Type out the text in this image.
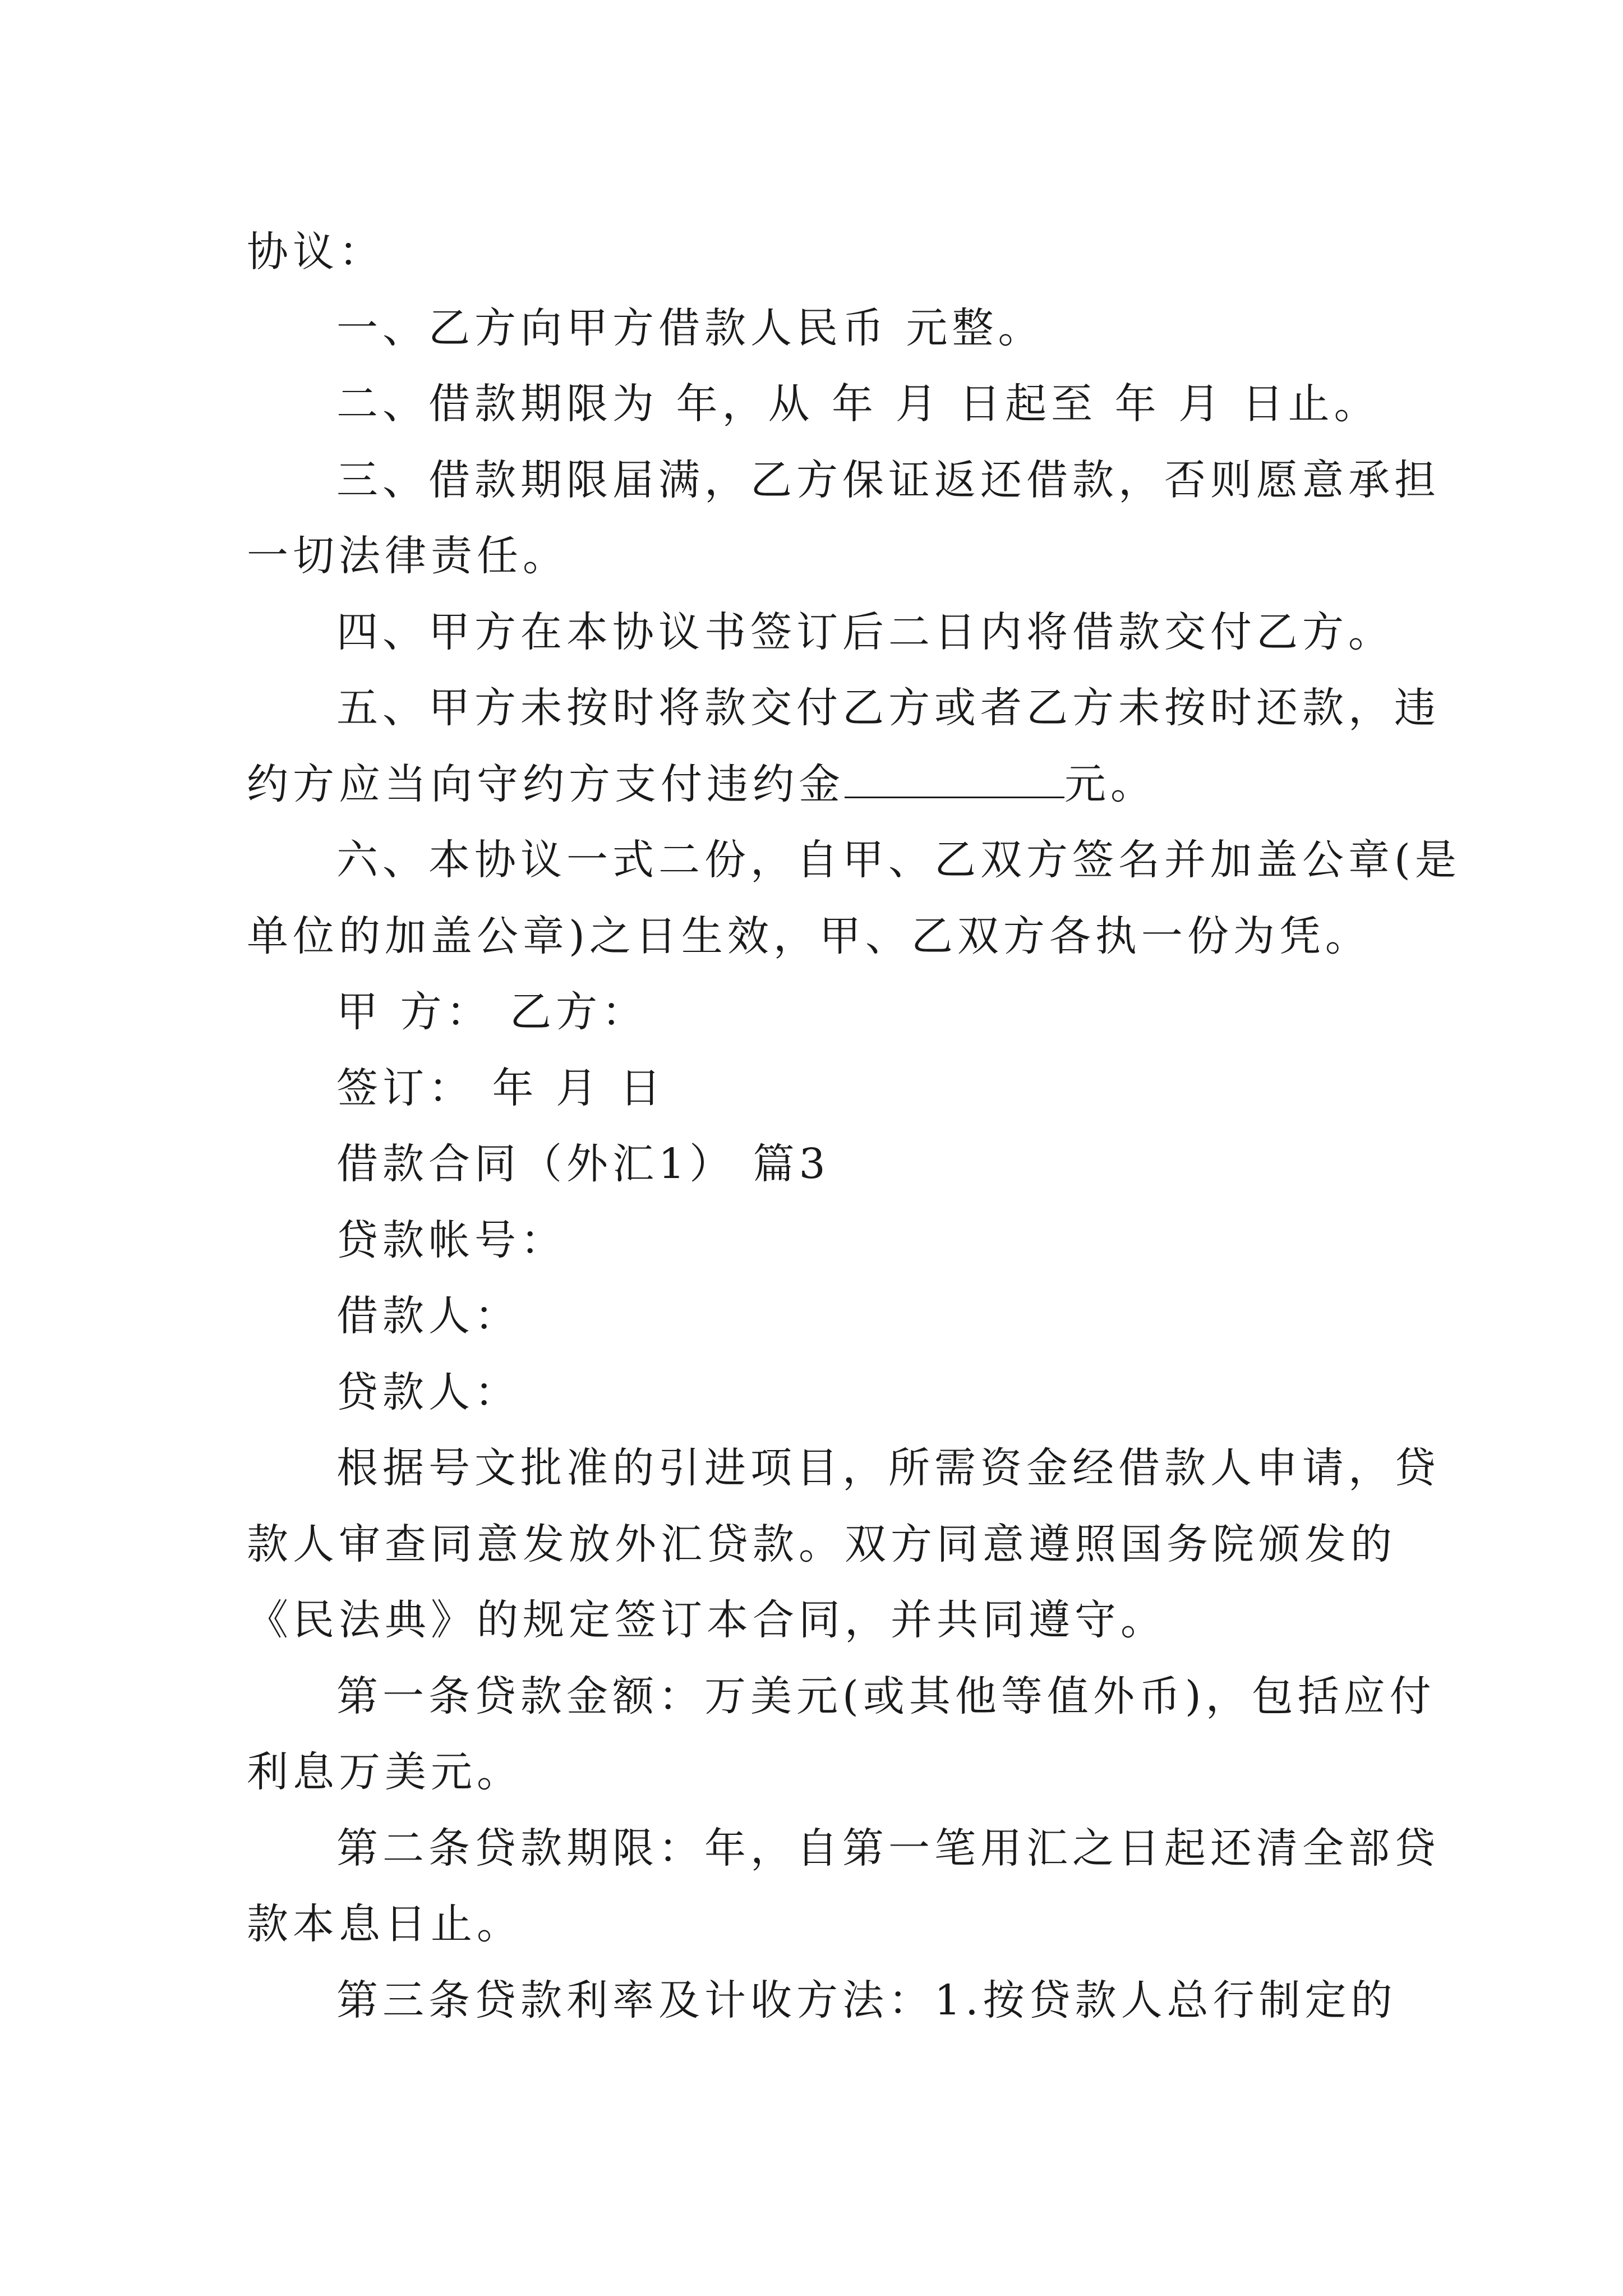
协议：
一、乙方向甲方借款人民币 元整。
二、借款期限为 年，从 年 月 日起至 年 月 日止。
三、借款期限届满，乙方保证返还借款，否则愿意承担
一切法律责任。
四、甲方在本协议书签订后二日内将借款交付乙方。
五、甲方未按时将款交付乙方或者乙方未按时还款，违
约方应当向守约方支付违约金	元。
六、本协议一式二份，自甲、乙双方签名并加盖公章(是
单位的加盖公章)之日生效，甲、乙双方各执一份为凭。
甲 方： 乙方：
签订： 年 月 日
借款合同（外汇1） 篇3
贷款帐号：
借款人：
贷款人：
根据号文批准的引进项目，所需资金经借款人申请，贷
款人审查同意发放外汇贷款。双方同意遵照国务院颁发的
《民法典》的规定签订本合同，并共同遵守。
第一条贷款金额：万美元(或其他等值外币)，包括应付
利息万美元。
第二条贷款期限：年，自第一笔用汇之日起还清全部贷
款本息日止。
第三条贷款利率及计收方法：1.按贷款人总行制定的
